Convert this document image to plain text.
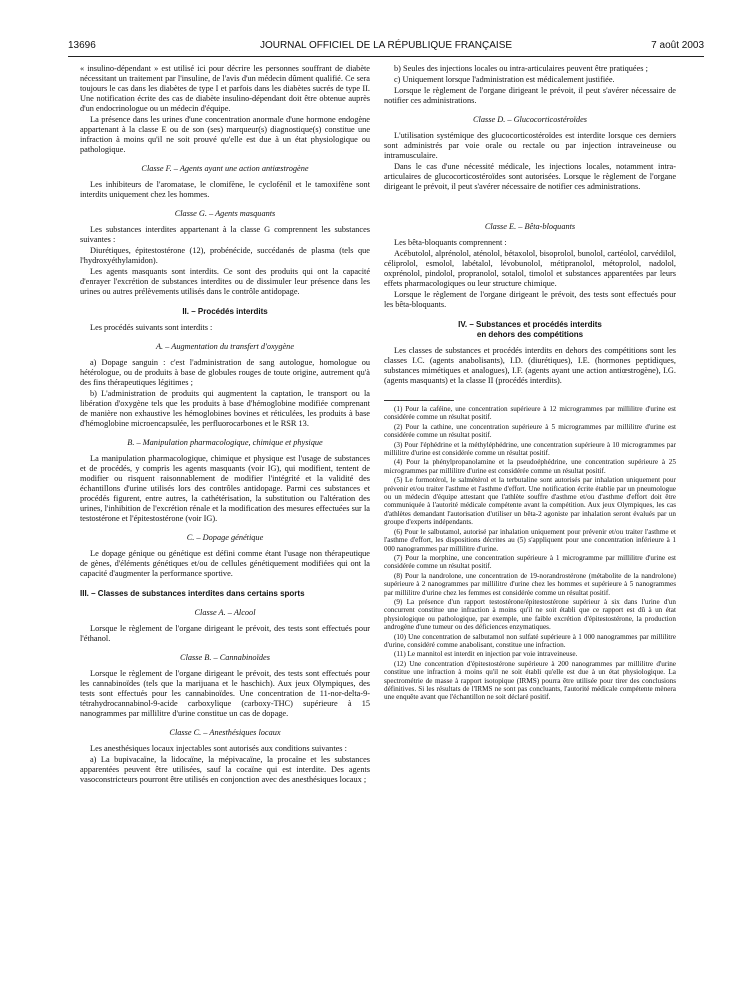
13696	JOURNAL OFFICIEL DE LA RÉPUBLIQUE FRANÇAISE	7 août 2003

« insulino-dépendant » est utilisé ici pour décrire les personnes souffrant de diabète nécessitant un traitement par l'insuline, de l'avis d'un médecin dûment qualifié. Ce sera toujours le cas dans les diabètes de type I et parfois dans les diabètes sucrés de type II. Une notification écrite des cas de diabète insulino-dépendant doit être obtenue auprès d'un endocrinologue ou un médecin d'équipe.

La présence dans les urines d'une concentration anormale d'une hormone endogène appartenant à la classe E ou de son (ses) marqueur(s) diagnostique(s) constitue une infraction à moins qu'il ne soit prouvé qu'elle est due à un état physiologique ou pathologique.

Classe F. – Agents ayant une action antiœstrogène

Les inhibiteurs de l'aromatase, le clomifène, le cyclofénil et le tamoxifène sont interdits uniquement chez les hommes.

Classe G. – Agents masquants

Les substances interdites appartenant à la classe G comprennent les substances suivantes :

Diurétiques, épitestostérone (12), probénécide, succédanés de plasma (tels que l'hydroxyéthylamidon).

Les agents masquants sont interdits. Ce sont des produits qui ont la capacité d'enrayer l'excrétion de substances interdites ou de dissimuler leur présence dans les urines ou autres prélèvements utilisés dans le contrôle antidopage.

II. – Procédés interdits

Les procédés suivants sont interdits :

A. – Augmentation du transfert d'oxygène

a) Dopage sanguin : c'est l'administration de sang autologue, homologue ou hétérologue, ou de produits à base de globules rouges de toute origine, autrement qu'à des fins thérapeutiques légitimes ;

b) L'administration de produits qui augmentent la captation, le transport ou la libération d'oxygène tels que les produits à base d'hémoglobine modifiée comprenant de manière non exhaustive les hémoglobines bovines et réticulées, les produits à base d'hémoglobine microencapsulée, les perfluorocarbones et le RSR 13.

B. – Manipulation pharmacologique, chimique et physique

La manipulation pharmacologique, chimique et physique est l'usage de substances et de procédés, y compris les agents masquants (voir IG), qui modifient, tentent de modifier ou risquent raisonnablement de modifier l'intégrité et la validité des échantillons d'urine utilisés lors des contrôles antidopage. Parmi ces substances et procédés figurent, entre autres, la cathétérisation, la substitution ou l'altération des urines, l'inhibition de l'excrétion rénale et la modification des mesures effectuées sur la testostérone et l'épitestostérone (voir IG).

C. – Dopage génétique

Le dopage génique ou génétique est défini comme étant l'usage non thérapeutique de gènes, d'éléments génétiques et/ou de cellules génétiquement modifiées qui ont la capacité d'augmenter la performance sportive.

III. – Classes de substances interdites dans certains sports
Classe A. – Alcool

Lorsque le règlement de l'organe dirigeant le prévoit, des tests sont effectués pour l'éthanol.

Classe B. – Cannabinoïdes

Lorsque le règlement de l'organe dirigeant le prévoit, des tests sont effectués pour les cannabinoïdes (tels que la marijuana et le haschich). Aux jeux Olympiques, des tests sont effectués pour les cannabinoïdes. Une concentration de 11-nor-delta-9-tétrahydrocannabinol-9-acide carboxylique (carboxy-THC) supérieure à 15 nanogrammes par millilitre d'urine constitue un cas de dopage.

Classe C. – Anesthésiques locaux

Les anesthésiques locaux injectables sont autorisés aux conditions suivantes :

a) La bupivacaïne, la lidocaïne, la mépivacaïne, la procaïne et les substances apparentées peuvent être utilisées, sauf la cocaïne qui est interdite. Des agents vasoconstricteurs pourront être utilisés en conjonction avec des anesthésiques locaux ;

b) Seules des injections locales ou intra-articulaires peuvent être pratiquées ;

c) Uniquement lorsque l'administration est médicalement justifiée.

Lorsque le règlement de l'organe dirigeant le prévoit, il peut s'avérer nécessaire de notifier ces administrations.

Classe D. – Glucocorticostéroïdes

L'utilisation systémique des glucocorticostéroïdes est interdite lorsque ces derniers sont administrés par voie orale ou rectale ou par injection intraveineuse ou intramusculaire.

Dans le cas d'une nécessité médicale, les injections locales, notamment intra-articulaires de glucocorticostéroïdes sont autorisées. Lorsque le règlement de l'organe dirigeant le prévoit, il peut s'avérer nécessaire de notifier ces administrations.

Classe E. – Bêta-bloquants

Les bêta-bloquants comprennent :

Acébutolol, alprénolol, aténolol, bétaxolol, bisoprolol, bunolol, cartéolol, carvédilol, céliprolol, esmolol, labétalol, lévobunolol, métipranolol, métoprolol, nadolol, oxprénolol, pindolol, propranolol, sotalol, timolol et substances apparentées par leurs effets pharmacologiques ou leur structure chimique.

Lorsque le règlement de l'organe dirigeant le prévoit, des tests sont effectués pour les bêta-bloquants.

IV. – Substances et procédés interdits
en dehors des compétitions

Les classes de substances et procédés interdits en dehors des compétitions sont les classes I.C. (agents anabolisants), I.D. (diurétiques), I.E. (hormones peptidiques, substances mimétiques et analogues), I.F. (agents ayant une action antiœstrogène), I.G. (agents masquants) et la classe II (procédés interdits).

(1) Pour la caféine, une concentration supérieure à 12 microgrammes par millilitre d'urine est considérée comme un résultat positif.

(2) Pour la cathine, une concentration supérieure à 5 microgrammes par millilitre d'urine est considérée comme un résultat positif.

(3) Pour l'éphédrine et la méthyléphédrine, une concentration supérieure à 10 microgrammes par millilitre d'urine est considérée comme un résultat positif.

(4) Pour la phénylpropanolamine et la pseudoéphédrine, une concentration supérieure à 25 microgrammes par millilitre d'urine est considérée comme un résultat positif.

(5) Le formotérol, le salmétérol et la terbutaline sont autorisés par inhalation uniquement pour prévenir et/ou traiter l'asthme et l'asthme d'effort. Une notification écrite établie par un pneumologue ou un médecin d'équipe attestant que l'athlète souffre d'asthme et/ou d'asthme d'effort doit être communiquée à l'autorité médicale compétente avant la compétition. Aux jeux Olympiques, les cas d'athlètes demandant l'autorisation d'utiliser un bêta-2 agoniste par inhalation seront évalués par un groupe d'experts indépendants.

(6) Pour le salbutamol, autorisé par inhalation uniquement pour prévenir et/ou traiter l'asthme et l'asthme d'effort, les dispositions décrites au (5) s'appliquent pour une concentration inférieure à 1 000 nanogrammes par millilitre d'urine.

(7) Pour la morphine, une concentration supérieure à 1 microgramme par millilitre d'urine est considérée comme un résultat positif.

(8) Pour la nandrolone, une concentration de 19-norandrostérone (métabolite de la nandrolone) supérieure à 2 nanogrammes par millilitre d'urine chez les hommes et supérieure à 5 nanogrammes par millilitre d'urine chez les femmes est considérée comme un résultat positif.

(9) La présence d'un rapport testostérone/épitestostérone supérieur à six dans l'urine d'un concurrent constitue une infraction à moins qu'il ne soit établi que ce rapport est dû à un état physiologique ou pathologique, par exemple, une faible excrétion d'épitestostérone, la production androgène d'une tumeur ou des déficiences enzymatiques.

(10) Une concentration de salbutamol non sulfaté supérieure à 1 000 nanogrammes par millilitre d'urine, considéré comme anabolisant, constitue une infraction.

(11) Le mannitol est interdit en injection par voie intraveineuse.

(12) Une concentration d'épitestostérone supérieure à 200 nanogrammes par millilitre d'urine constitue une infraction à moins qu'il ne soit établi qu'elle est due à un état physiologique. La spectrométrie de masse à rapport isotopique (IRMS) pourra être utilisée pour tirer des conclusions définitives. Si les résultats de l'IRMS ne sont pas concluants, l'autorité médicale compétente mènera une enquête avant que l'échantillon ne soit déclaré positif.
